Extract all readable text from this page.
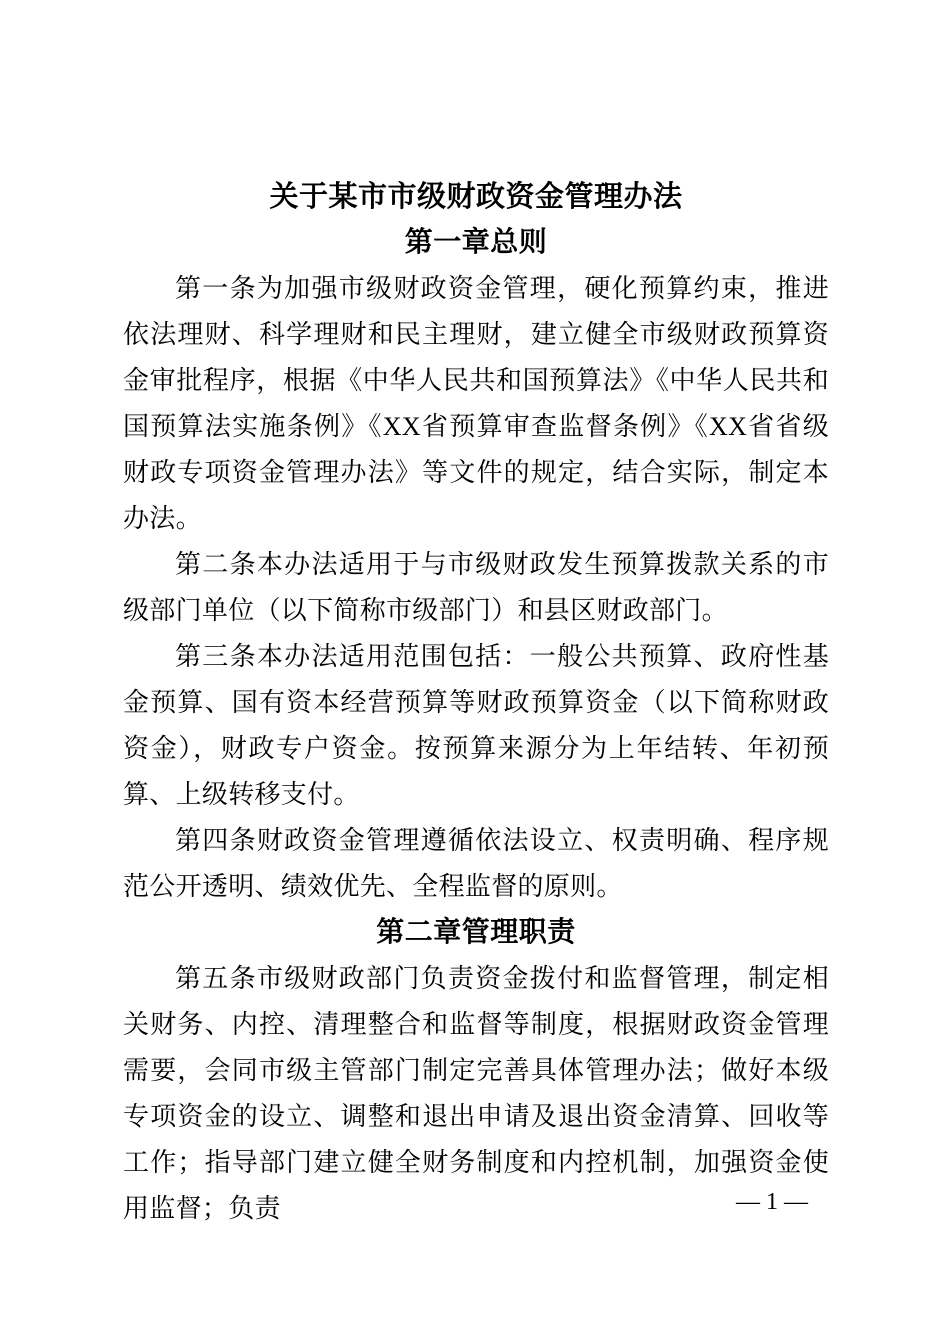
关于某市市级财政资金管理办法
第一章总则

第一条为加强市级财政资金管理，硬化预算约束，推进依法理财、科学理财和民主理财，建立健全市级财政预算资金审批程序，根据《中华人民共和国预算法》《中华人民共和国预算法实施条例》《XX省预算审查监督条例》《XX省省级财政专项资金管理办法》等文件的规定，结合实际，制定本办法。

第二条本办法适用于与市级财政发生预算拨款关系的市级部门单位（以下简称市级部门）和县区财政部门。

第三条本办法适用范围包括：一般公共预算、政府性基金预算、国有资本经营预算等财政预算资金（以下简称财政资金），财政专户资金。按预算来源分为上年结转、年初预算、上级转移支付。

第四条财政资金管理遵循依法设立、权责明确、程序规范公开透明、绩效优先、全程监督的原则。

第二章管理职责

第五条市级财政部门负责资金拨付和监督管理，制定相关财务、内控、清理整合和监督等制度，根据财政资金管理需要，会同市级主管部门制定完善具体管理办法；做好本级专项资金的设立、调整和退出申请及退出资金清算、回收等工作；指导部门建立健全财务制度和内控机制，加强资金使用监督；负责	— 1 —
